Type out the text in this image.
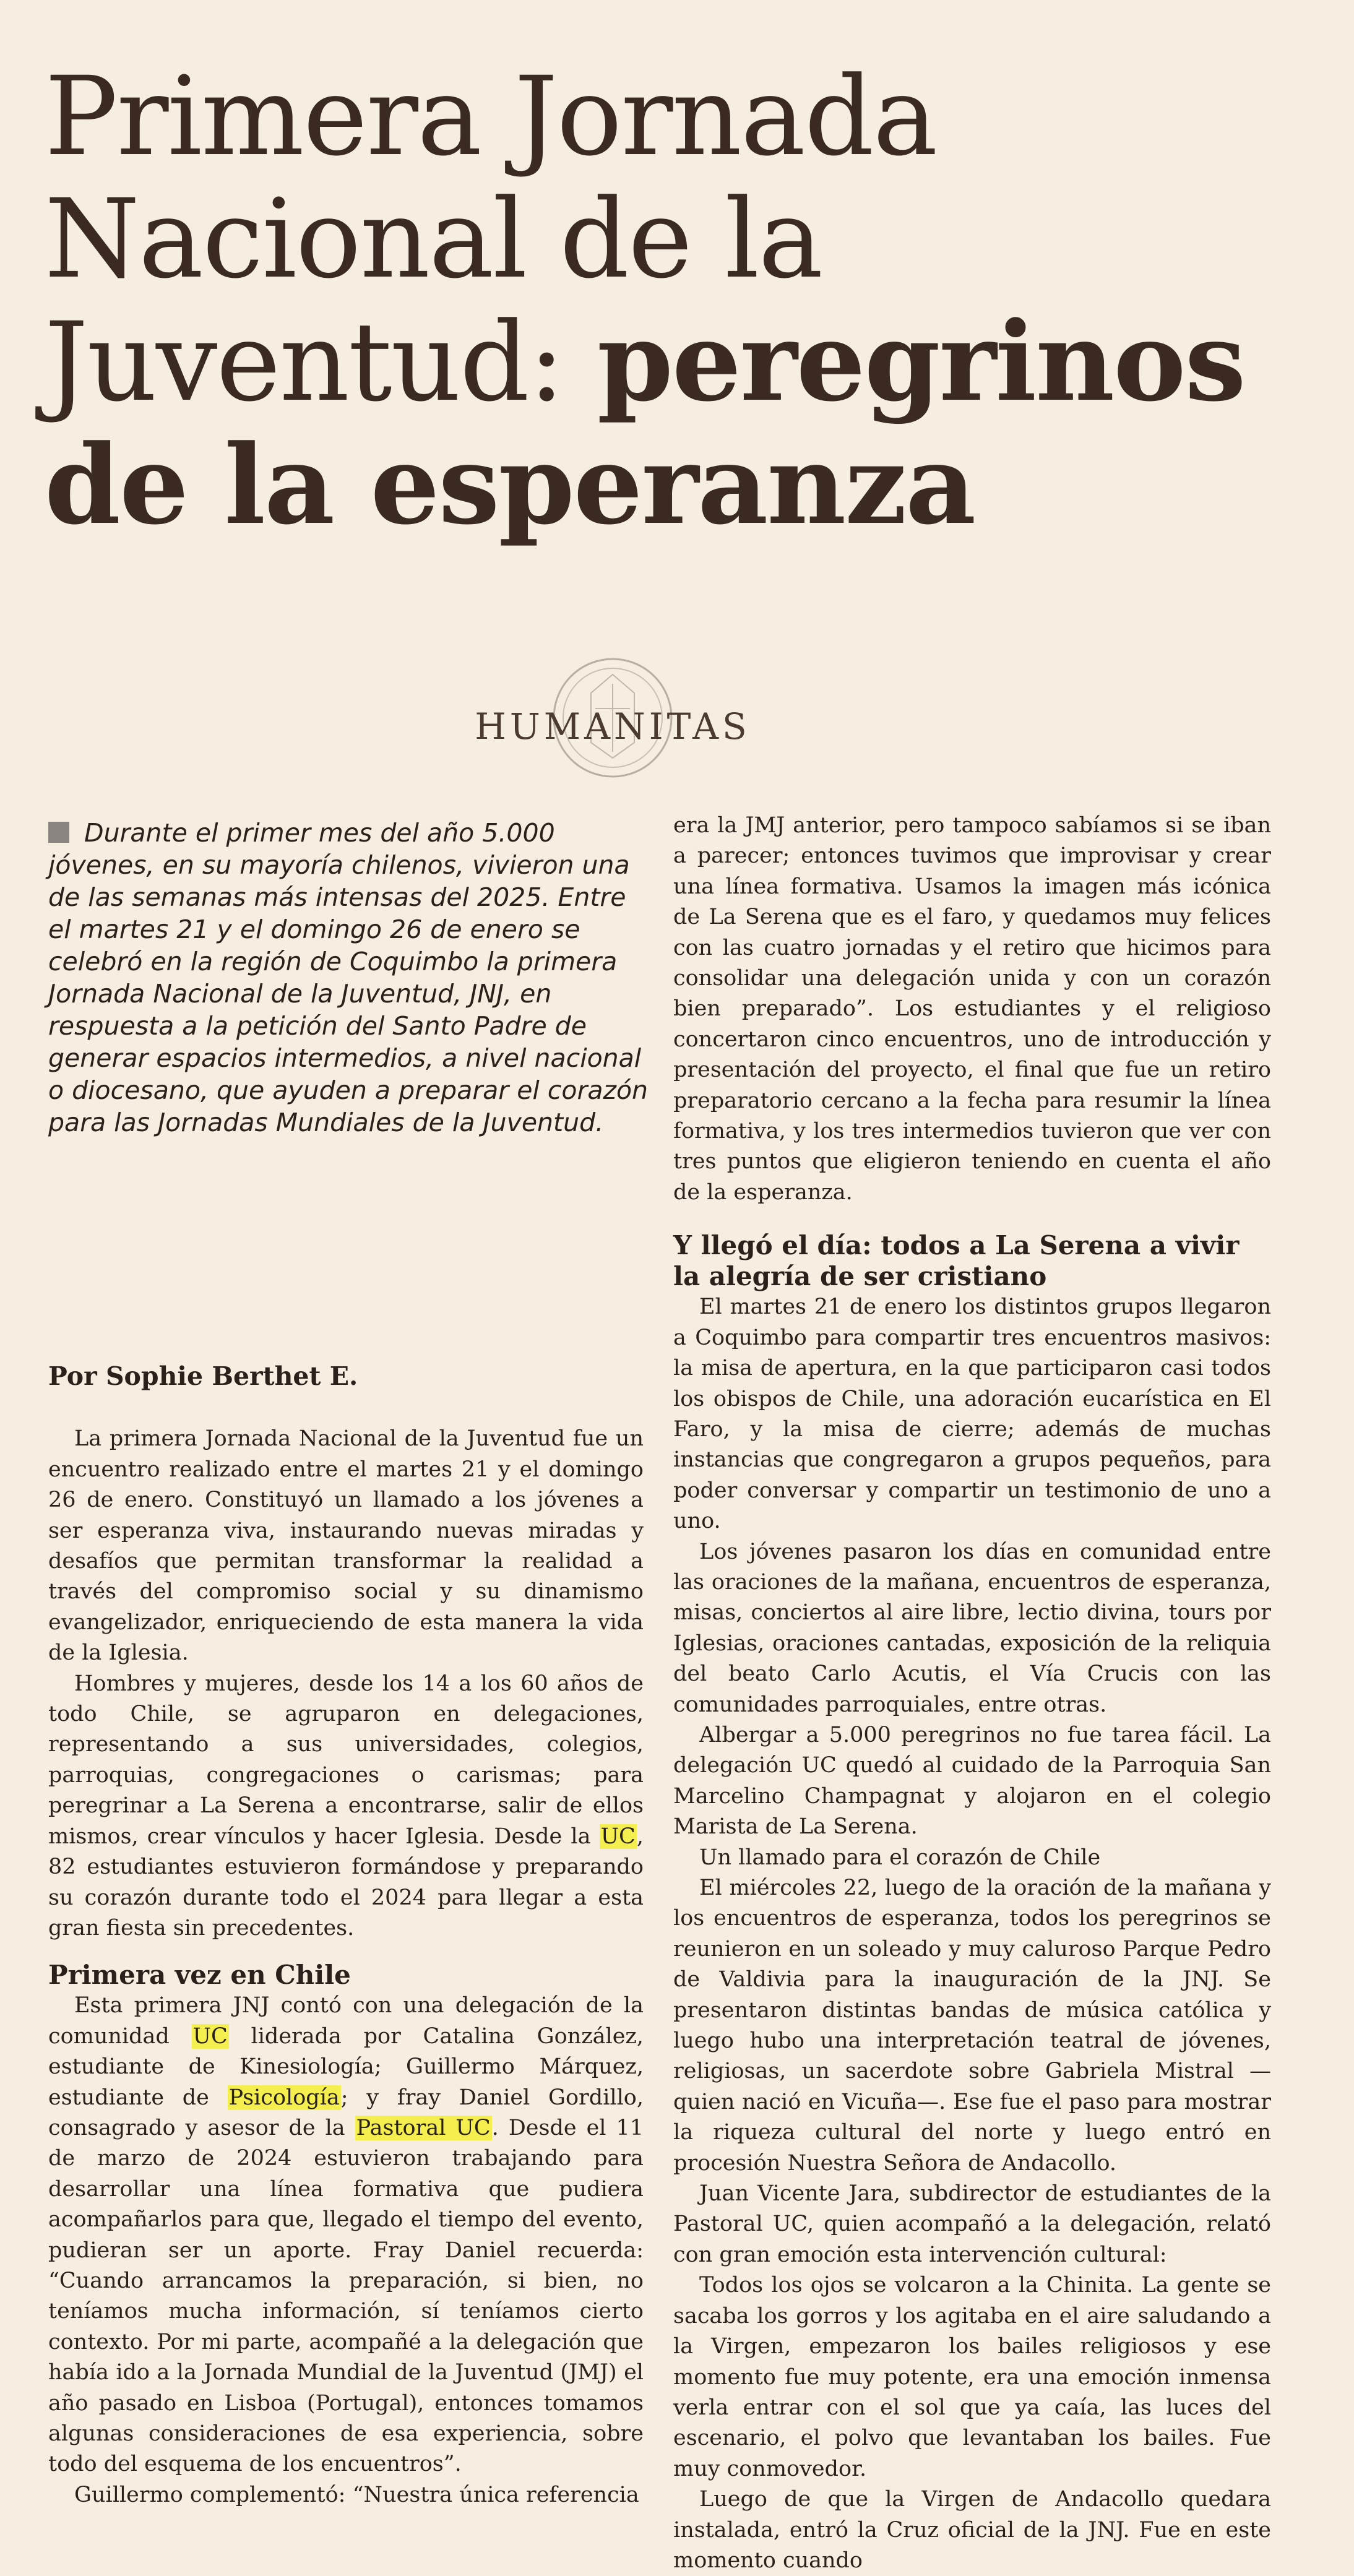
Primera Jornada Nacional de la Juventud: peregrinos de la esperanza
HUMANITAS
Durante el primer mes del año 5.000 jóvenes, en su mayoría chilenos, vivieron una de las semanas más intensas del 2025. Entre el martes 21 y el domingo 26 de enero se celebró en la región de Coquimbo la primera Jornada Nacional de la Juventud, JNJ, en respuesta a la petición del Santo Padre de generar espacios intermedios, a nivel nacional o diocesano, que ayuden a preparar el corazón para las Jornadas Mundiales de la Juventud.

Por Sophie Berthet E.

La primera Jornada Nacional de la Juventud fue un encuentro realizado entre el martes 21 y el domingo 26 de enero. Constituyó un llamado a los jóvenes a ser esperanza viva, instaurando nuevas miradas y desafíos que permitan transformar la realidad a través del compromiso social y su dinamismo evangelizador, enriqueciendo de esta manera la vida de la Iglesia.

Hombres y mujeres, desde los 14 a los 60 años de todo Chile, se agruparon en delegaciones, representando a sus universidades, colegios, parroquias, congregaciones o carismas; para peregrinar a La Serena a encontrarse, salir de ellos mismos, crear vínculos y hacer Iglesia. Desde la UC, 82 estudiantes estuvieron formándose y preparando su corazón durante todo el 2024 para llegar a esta gran fiesta sin precedentes.

Primera vez en Chile

Esta primera JNJ contó con una delegación de la comunidad UC liderada por Catalina González, estudiante de Kinesiología; Guillermo Márquez, estudiante de Psicología; y fray Daniel Gordillo, consagrado y asesor de la Pastoral UC. Desde el 11 de marzo de 2024 estuvieron trabajando para desarrollar una línea formativa que pudiera acompañarlos para que, llegado el tiempo del evento, pudieran ser un aporte. Fray Daniel recuerda: “Cuando arrancamos la preparación, si bien, no teníamos mucha información, sí teníamos cierto contexto. Por mi parte, acompañé a la delegación que había ido a la Jornada Mundial de la Juventud (JMJ) el año pasado en Lisboa (Portugal), entonces tomamos algunas consideraciones de esa experiencia, sobre todo del esquema de los encuentros”.

Guillermo complementó: “Nuestra única referencia

era la JMJ anterior, pero tampoco sabíamos si se iban a parecer; entonces tuvimos que improvisar y crear una línea formativa. Usamos la imagen más icónica de La Serena que es el faro, y quedamos muy felices con las cuatro jornadas y el retiro que hicimos para consolidar una delegación unida y con un corazón bien preparado”. Los estudiantes y el religioso concertaron cinco encuentros, uno de introducción y presentación del proyecto, el final que fue un retiro preparatorio cercano a la fecha para resumir la línea formativa, y los tres intermedios tuvieron que ver con tres puntos que eligieron teniendo en cuenta el año de la esperanza.

Y llegó el día: todos a La Serena a vivir la alegría de ser cristiano

El martes 21 de enero los distintos grupos llegaron a Coquimbo para compartir tres encuentros masivos: la misa de apertura, en la que participaron casi todos los obispos de Chile, una adoración eucarística en El Faro, y la misa de cierre; además de muchas instancias que congregaron a grupos pequeños, para poder conversar y compartir un testimonio de uno a uno.

Los jóvenes pasaron los días en comunidad entre las oraciones de la mañana, encuentros de esperanza, misas, conciertos al aire libre, lectio divina, tours por Iglesias, oraciones cantadas, exposición de la reliquia del beato Carlo Acutis, el Vía Crucis con las comunidades parroquiales, entre otras.

Albergar a 5.000 peregrinos no fue tarea fácil. La delegación UC quedó al cuidado de la Parroquia San Marcelino Champagnat y alojaron en el colegio Marista de La Serena.

Un llamado para el corazón de Chile

El miércoles 22, luego de la oración de la mañana y los encuentros de esperanza, todos los peregrinos se reunieron en un soleado y muy caluroso Parque Pedro de Valdivia para la inauguración de la JNJ. Se presentaron distintas bandas de música católica y luego hubo una interpretación teatral de jóvenes, religiosas, un sacerdote sobre Gabriela Mistral —quien nació en Vicuña—. Ese fue el paso para mostrar la riqueza cultural del norte y luego entró en procesión Nuestra Señora de Andacollo.

Juan Vicente Jara, subdirector de estudiantes de la Pastoral UC, quien acompañó a la delegación, relató con gran emoción esta intervención cultural:

Todos los ojos se volcaron a la Chinita. La gente se sacaba los gorros y los agitaba en el aire saludando a la Virgen, empezaron los bailes religiosos y ese momento fue muy potente, era una emoción inmensa verla entrar con el sol que ya caía, las luces del escenario, el polvo que levantaban los bailes. Fue muy conmovedor.

Luego de que la Virgen de Andacollo quedara instalada, entró la Cruz oficial de la JNJ. Fue en este momento cuando
